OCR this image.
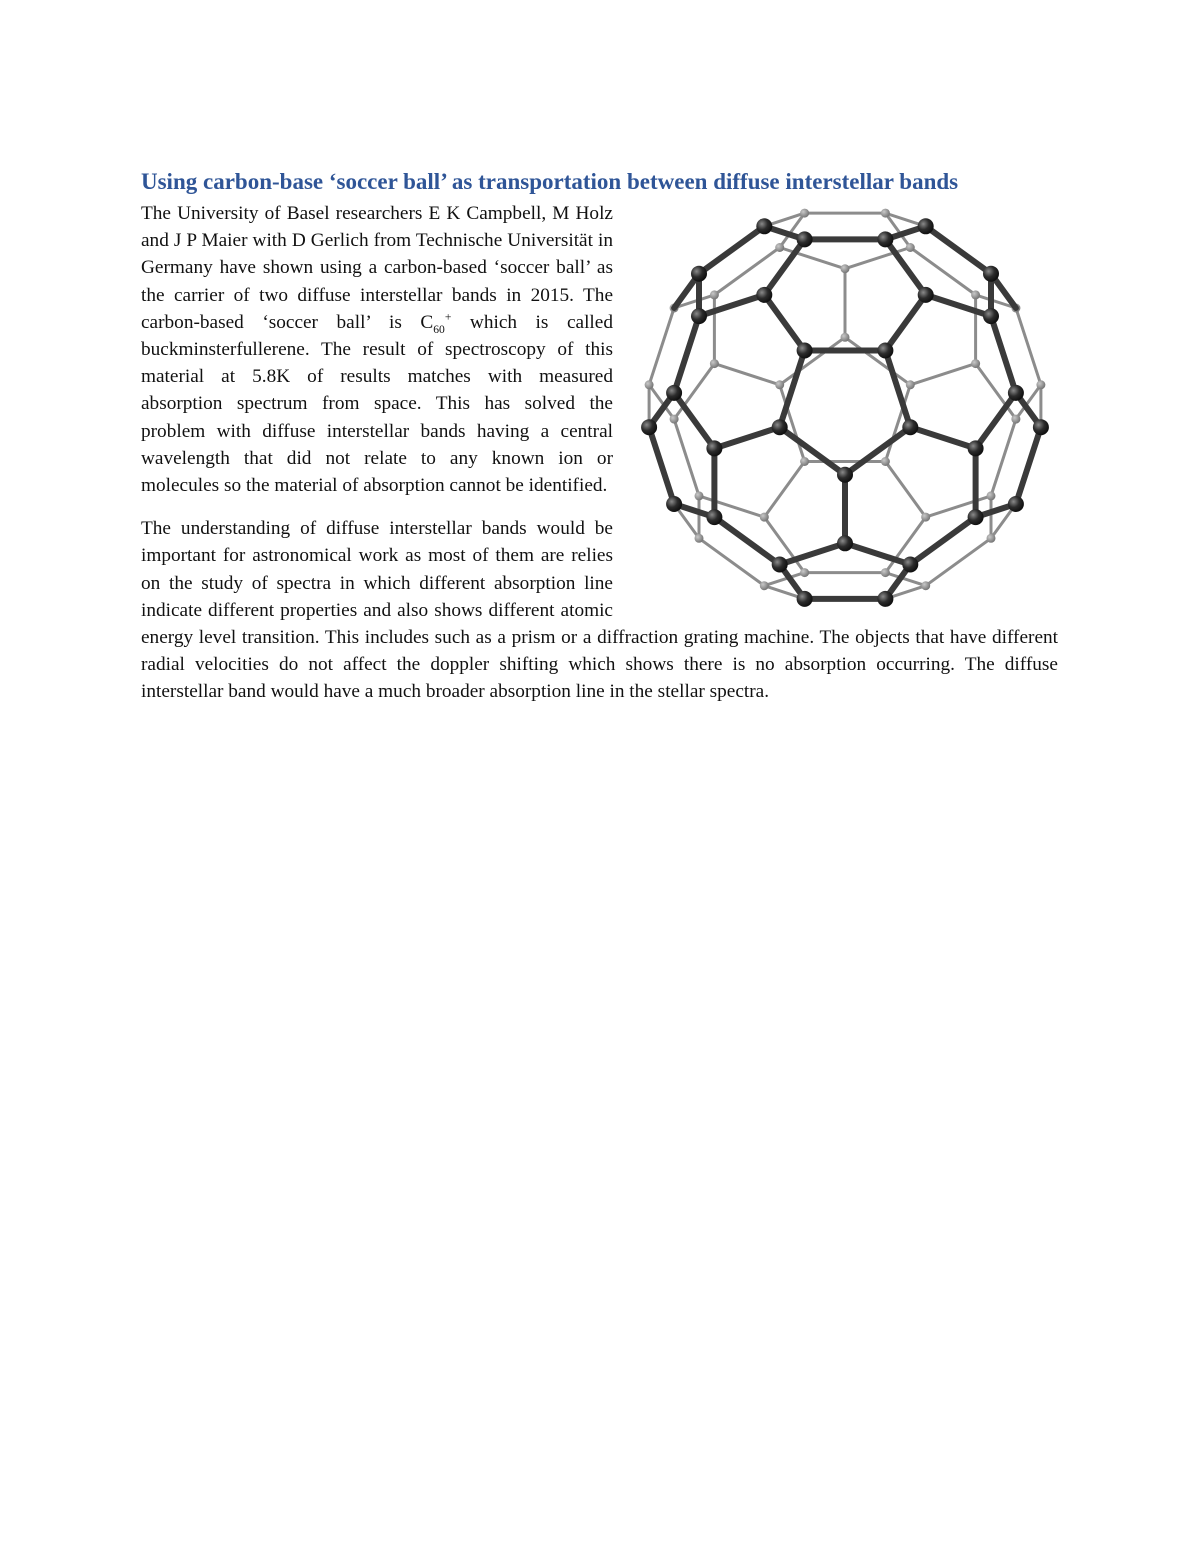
Using carbon-base ‘soccer ball’ as transportation between diffuse interstellar bands

The University of Basel researchers E K Campbell, M Holz and J P Maier with D Gerlich from Technische Universität in Germany have shown using a carbon-based ‘soccer ball’ as the carrier of two diffuse interstellar bands in 2015. The carbon-based ‘soccer ball’ is $C_{60}^+$ which is called buckminsterfullerene. The result of spectroscopy of this material at 5.8K of results matches with measured absorption spectrum from space. This has solved the problem with diffuse interstellar bands having a central wavelength that did not relate to any known ion or molecules so the material of absorption cannot be identified.

The understanding of diffuse interstellar bands would be important for astronomical work as most of them are relies on the study of spectra in which different absorption line indicate different properties and also shows different atomic energy level transition. This includes such as a prism or a diffraction grating machine. The objects that have different radial velocities do not affect the doppler shifting which shows there is no absorption occurring. The diffuse interstellar band would have a much broader absorption line in the stellar spectra.
